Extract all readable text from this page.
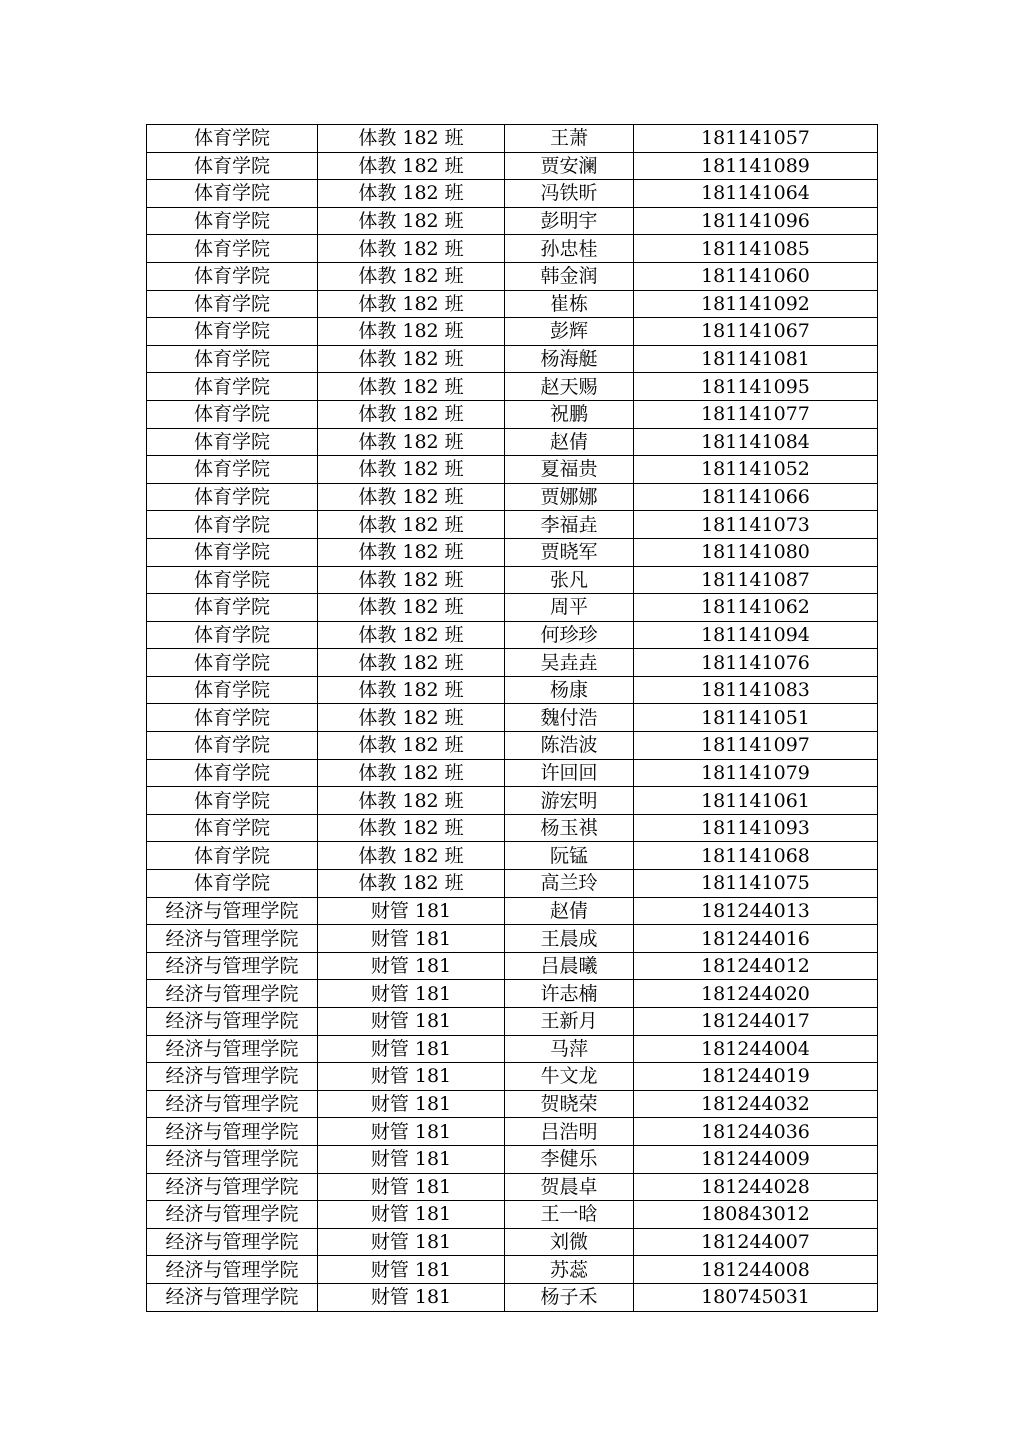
体育学院	体教 182 班	王萧	181141057
体育学院	体教 182 班	贾安澜	181141089
体育学院	体教 182 班	冯铁昕	181141064
体育学院	体教 182 班	彭明宇	181141096
体育学院	体教 182 班	孙忠桂	181141085
体育学院	体教 182 班	韩金润	181141060
体育学院	体教 182 班	崔栋	181141092
体育学院	体教 182 班	彭辉	181141067
体育学院	体教 182 班	杨海艇	181141081
体育学院	体教 182 班	赵天赐	181141095
体育学院	体教 182 班	祝鹏	181141077
体育学院	体教 182 班	赵倩	181141084
体育学院	体教 182 班	夏福贵	181141052
体育学院	体教 182 班	贾娜娜	181141066
体育学院	体教 182 班	李福垚	181141073
体育学院	体教 182 班	贾晓军	181141080
体育学院	体教 182 班	张凡	181141087
体育学院	体教 182 班	周平	181141062
体育学院	体教 182 班	何珍珍	181141094
体育学院	体教 182 班	吴垚垚	181141076
体育学院	体教 182 班	杨康	181141083
体育学院	体教 182 班	魏付浩	181141051
体育学院	体教 182 班	陈浩波	181141097
体育学院	体教 182 班	许回回	181141079
体育学院	体教 182 班	游宏明	181141061
体育学院	体教 182 班	杨玉祺	181141093
体育学院	体教 182 班	阮锰	181141068
体育学院	体教 182 班	高兰玲	181141075
经济与管理学院	财管 181	赵倩	181244013
经济与管理学院	财管 181	王晨成	181244016
经济与管理学院	财管 181	吕晨曦	181244012
经济与管理学院	财管 181	许志楠	181244020
经济与管理学院	财管 181	王新月	181244017
经济与管理学院	财管 181	马萍	181244004
经济与管理学院	财管 181	牛文龙	181244019
经济与管理学院	财管 181	贺晓荣	181244032
经济与管理学院	财管 181	吕浩明	181244036
经济与管理学院	财管 181	李健乐	181244009
经济与管理学院	财管 181	贺晨卓	181244028
经济与管理学院	财管 181	王一晗	180843012
经济与管理学院	财管 181	刘微	181244007
经济与管理学院	财管 181	苏蕊	181244008
经济与管理学院	财管 181	杨子禾	180745031
